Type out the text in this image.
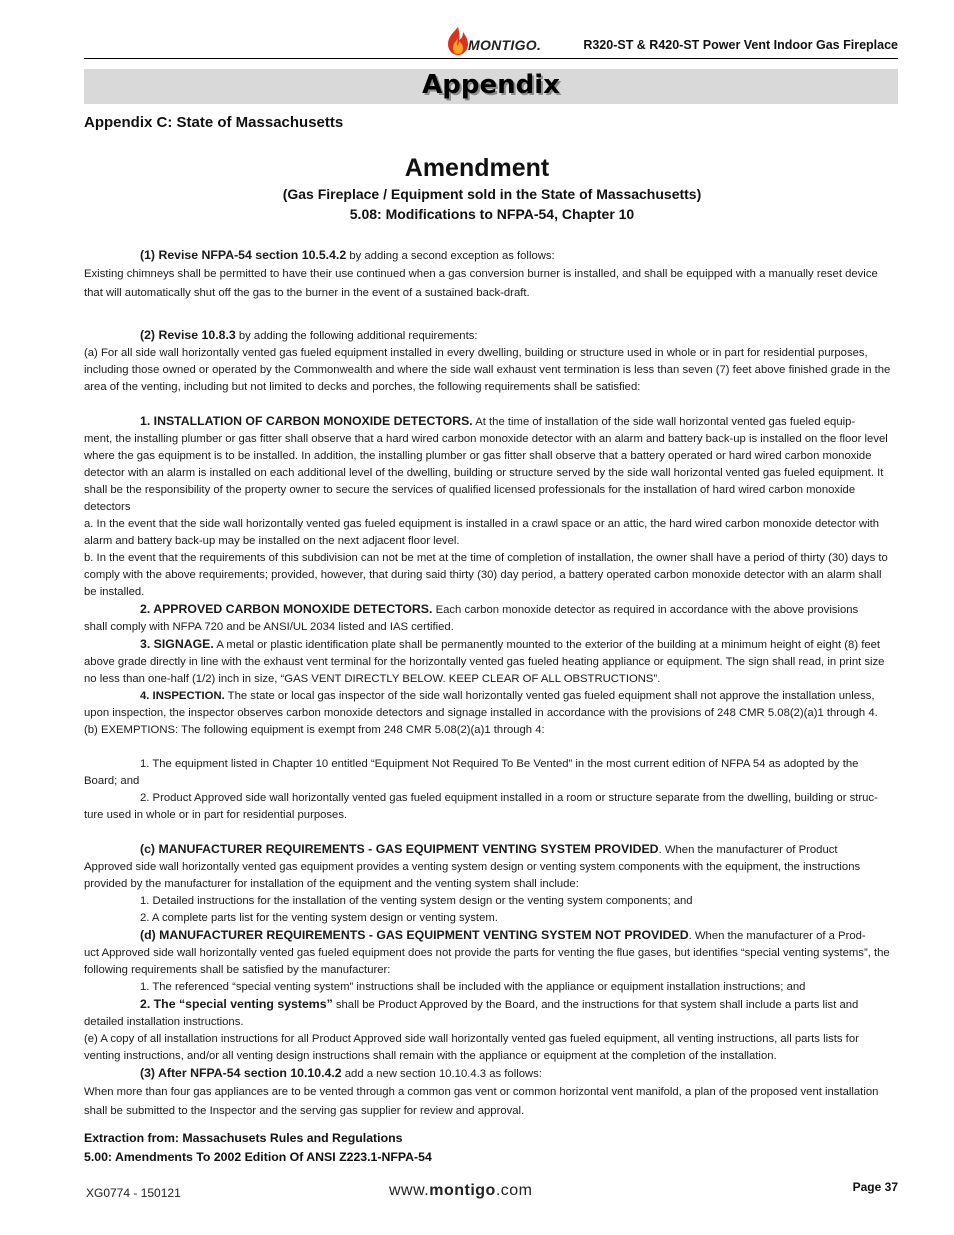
MONTIGO.	R320-ST & R420-ST Power Vent Indoor Gas Fireplace
Appendix
Appendix C: State of Massachusetts
Amendment
(Gas Fireplace / Equipment sold in the State of Massachusetts)
5.08: Modifications to NFPA-54, Chapter 10

(1) Revise NFPA-54 section 10.5.4.2 by adding a second exception as follows:

Existing chimneys shall be permitted to have their use continued when a gas conversion burner is installed, and shall be equipped with a manually reset device that will automatically shut off the gas to the burner in the event of a sustained back-draft.

(2) Revise 10.8.3 by adding the following additional requirements:

(a) For all side wall horizontally vented gas fueled equipment installed in every dwelling, building or structure used in whole or in part for residential purposes, including those owned or operated by the Commonwealth and where the side wall exhaust vent termination is less than seven (7) feet above finished grade in the area of the venting, including but not limited to decks and porches, the following requirements shall be satisfied:

1. INSTALLATION OF CARBON MONOXIDE DETECTORS. At the time of installation of the side wall horizontal vented gas fueled equip-

ment, the installing plumber or gas fitter shall observe that a hard wired carbon monoxide detector with an alarm and battery back-up is installed on the floor level where the gas equipment is to be installed. In addition, the installing plumber or gas fitter shall observe that a battery operated or hard wired carbon monoxide detector with an alarm is installed on each additional level of the dwelling, building or structure served by the side wall horizontal vented gas fueled equipment. It shall be the responsibility of the property owner to secure the services of qualified licensed professionals for the installation of hard wired carbon monoxide detectors

a. In the event that the side wall horizontally vented gas fueled equipment is installed in a crawl space or an attic, the hard wired carbon monoxide detector with alarm and battery back-up may be installed on the next adjacent floor level.

b. In the event that the requirements of this subdivision can not be met at the time of completion of installation, the owner shall have a period of thirty (30) days to comply with the above requirements; provided, however, that during said thirty (30) day period, a battery operated carbon monoxide detector with an alarm shall be installed.

2. APPROVED CARBON MONOXIDE DETECTORS. Each carbon monoxide detector as required in accordance with the above provisions

shall comply with NFPA 720 and be ANSI/UL 2034 listed and IAS certified.

3. SIGNAGE. A metal or plastic identification plate shall be permanently mounted to the exterior of the building at a minimum height of eight (8) feet

above grade directly in line with the exhaust vent terminal for the horizontally vented gas fueled heating appliance or equipment. The sign shall read, in print size no less than one-half (1/2) inch in size, “GAS VENT DIRECTLY BELOW. KEEP CLEAR OF ALL OBSTRUCTIONS”.

4. INSPECTION. The state or local gas inspector of the side wall horizontally vented gas fueled equipment shall not approve the installation unless,

upon inspection, the inspector observes carbon monoxide detectors and signage installed in accordance with the provisions of 248 CMR 5.08(2)(a)1 through 4.

(b) EXEMPTIONS: The following equipment is exempt from 248 CMR 5.08(2)(a)1 through 4:

1. The equipment listed in Chapter 10 entitled “Equipment Not Required To Be Vented” in the most current edition of NFPA 54 as adopted by the

Board; and

2. Product Approved side wall horizontally vented gas fueled equipment installed in a room or structure separate from the dwelling, building or struc-

ture used in whole or in part for residential purposes.

(c) MANUFACTURER REQUIREMENTS - GAS EQUIPMENT VENTING SYSTEM PROVIDED. When the manufacturer of Product

Approved side wall horizontally vented gas equipment provides a venting system design or venting system components with the equipment, the instructions provided by the manufacturer for installation of the equipment and the venting system shall include:

1. Detailed instructions for the installation of the venting system design or the venting system components; and

2. A complete parts list for the venting system design or venting system.

(d) MANUFACTURER REQUIREMENTS - GAS EQUIPMENT VENTING SYSTEM NOT PROVIDED. When the manufacturer of a Prod-

uct Approved side wall horizontally vented gas fueled equipment does not provide the parts for venting the flue gases, but identifies “special venting systems”, the following requirements shall be satisfied by the manufacturer:

1. The referenced “special venting system” instructions shall be included with the appliance or equipment installation instructions; and

2. The “special venting systems” shall be Product Approved by the Board, and the instructions for that system shall include a parts list and

detailed installation instructions.

(e) A copy of all installation instructions for all Product Approved side wall horizontally vented gas fueled equipment, all venting instructions, all parts lists for venting instructions, and/or all venting design instructions shall remain with the appliance or equipment at the completion of the installation.

(3) After NFPA-54 section 10.10.4.2 add a new section 10.10.4.3 as follows:

When more than four gas appliances are to be vented through a common gas vent or common horizontal vent manifold, a plan of the proposed vent installation shall be submitted to the Inspector and the serving gas supplier for review and approval.

Extraction from: Massachusets Rules and Regulations
5.00: Amendments To 2002 Edition Of ANSI Z223.1-NFPA-54
XG0774 - 150121	www.montigo.com	Page 37
